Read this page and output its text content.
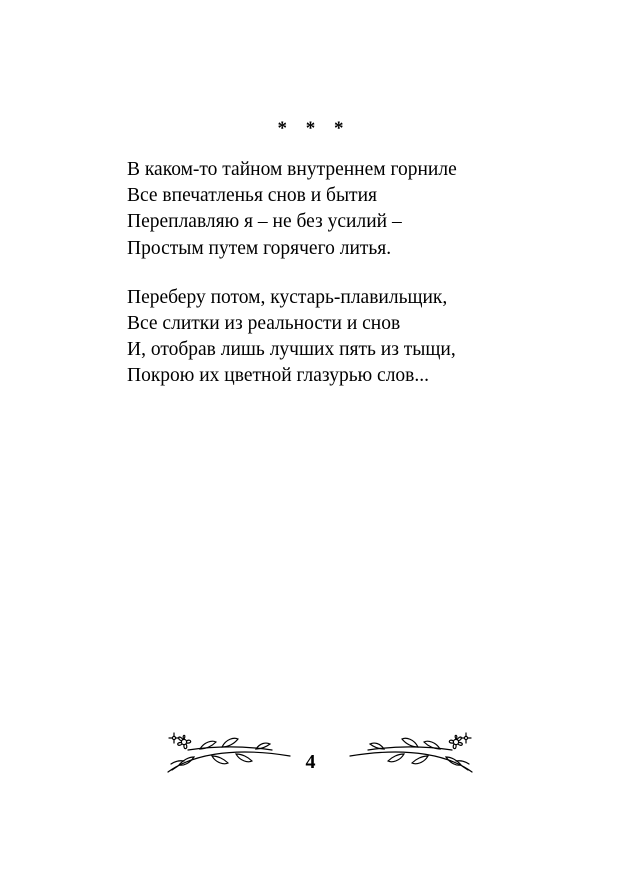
* * *
В каком-то тайном внутреннем горниле
Все впечатленья снов и бытия
Переплавляю я – не без усилий –
Простым путем горячего литья.
Переберу потом, кустарь-плавильщик,
Все слитки из реальности и снов
И, отобрав лишь лучших пять из тыщи,
Покрою их цветной глазурью слов...
4
